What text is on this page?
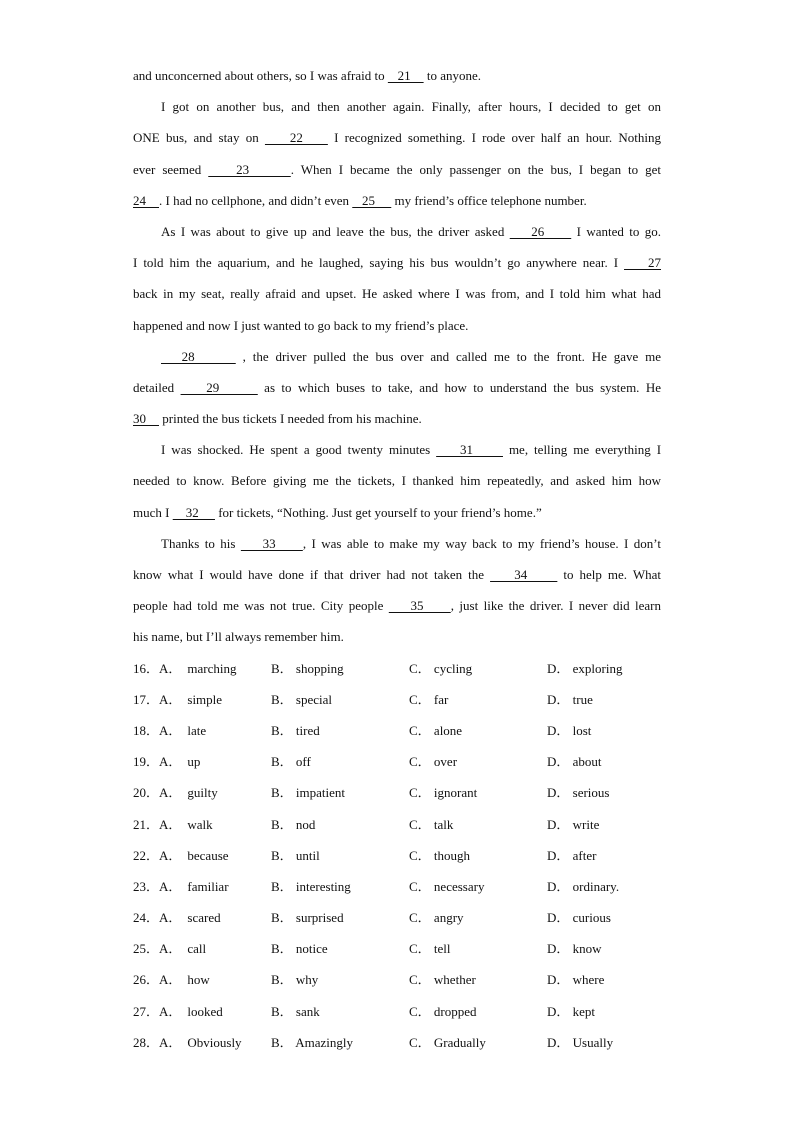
and unconcerned about others, so I was afraid to    21     to anyone.
I got on another bus, and then another again. Finally, after hours, I decided to get on
ONE bus, and stay on     22     I recognized something. I rode over half an hour. Nothing
ever seemed     23      . When I became the only passenger on the bus, I began to get
24    . I had no cellphone, and didn’t even    25      my friend’s office telephone number.
As I was about to give up and leave the bus, the driver asked     26      I wanted to go.
I told him the aquarium, and he laughed, saying his bus wouldn’t go anywhere near. I     27
back in my seat, really afraid and upset. He asked where I was from, and I told him what had
happened and now I just wanted to go back to my friend’s place.
28       , the driver pulled the bus over and called me to the front. He gave me
detailed     29       as to which buses to take, and how to understand the bus system. He
30     printed the bus tickets I needed from his machine.
I was shocked. He spent a good twenty minutes     31      me, telling me everything I
needed to know. Before giving me the tickets, I thanked him repeatedly, and asked him how
much I     32      for tickets, “Nothing. Just get yourself to your friend’s home.”
Thanks to his     33     , I was able to make my way back to my friend’s house. I don’t
know what I would have done if that driver had not taken the     34      to help me. What
people had told me was not true. City people     35     , just like the driver. I never did learn
his name, but I’ll always remember him.
16．A． marching	B． shopping	C． cycling	D． exploring
17．A． simple	B． special	C． far	D． true
18．A． late	B． tired	C． alone	D． lost
19．A． up	B． off	C． over	D． about
20．A． guilty	B． impatient	C． ignorant	D． serious
21．A． walk	B． nod	C． talk	D． write
22．A． because	B． until	C． though	D． after
23．A． familiar	B． interesting	C． necessary	D． ordinary.
24．A． scared	B． surprised	C． angry	D． curious
25．A． call	B． notice	C． tell	D． know
26．A． how	B． why	C． whether	D． where
27．A． looked	B． sank	C． dropped	D． kept
28．A． Obviously B． Amazingly	C． Gradually	D． Usually
